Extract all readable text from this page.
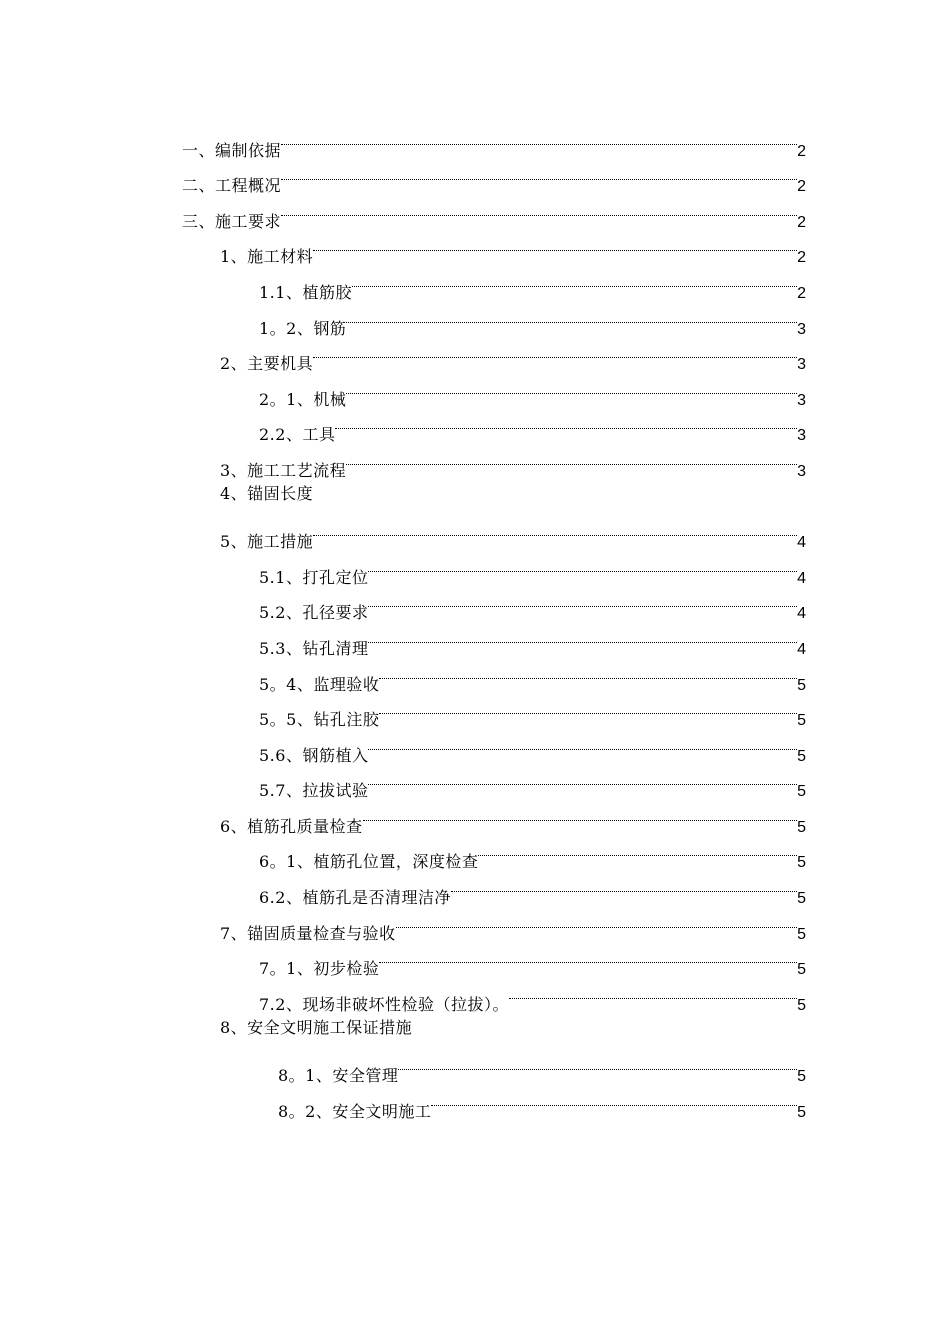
一、编制依据	2
二、工程概况	2
三、施工要求	2
1、施工材料	2
1.1、植筋胶	2
1。2、钢筋	3
2、主要机具	3
2。1、机械	3
2.2、工具	3
3、施工工艺流程	3
4、锚固长度
5、施工措施	4
5.1、打孔定位	4
5.2、孔径要求	4
5.3、钻孔清理	4
5。4、监理验收	5
5。5、钻孔注胶	5
5.6、钢筋植入	5
5.7、拉拔试验	5
6、植筋孔质量检查	5
6。1、植筋孔位置，深度检查	5
6.2、植筋孔是否清理洁净	5
7、锚固质量检查与验收	5
7。1、初步检验	5
7.2、现场非破坏性检验（拉拔）。	5
8、安全文明施工保证措施
8。1、安全管理	5
8。2、安全文明施工	5
